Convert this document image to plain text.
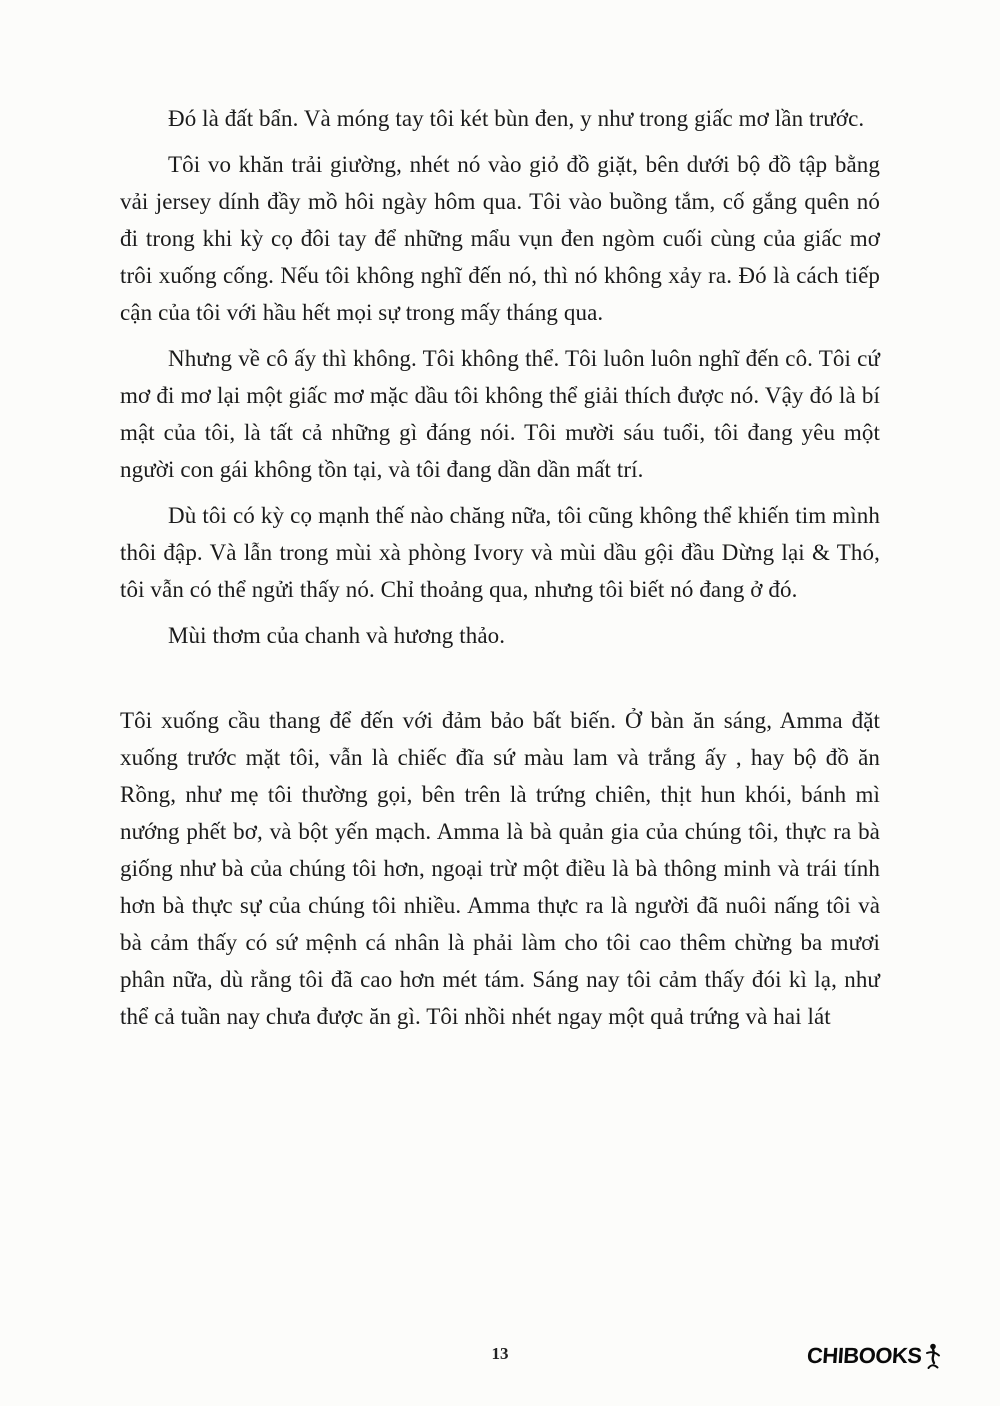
Đó là đất bẩn. Và móng tay tôi két bùn đen, y như trong giấc mơ lần trước.

Tôi vo khăn trải giường, nhét nó vào giỏ đồ giặt, bên dưới bộ đồ tập bằng vải jersey dính đầy mồ hôi ngày hôm qua. Tôi vào buồng tắm, cố gắng quên nó đi trong khi kỳ cọ đôi tay để những mẩu vụn đen ngòm cuối cùng của giấc mơ trôi xuống cống. Nếu tôi không nghĩ đến nó, thì nó không xảy ra. Đó là cách tiếp cận của tôi với hầu hết mọi sự trong mấy tháng qua.

Nhưng về cô ấy thì không. Tôi không thể. Tôi luôn luôn nghĩ đến cô. Tôi cứ mơ đi mơ lại một giấc mơ mặc dầu tôi không thể giải thích được nó. Vậy đó là bí mật của tôi, là tất cả những gì đáng nói. Tôi mười sáu tuổi, tôi đang yêu một người con gái không tồn tại, và tôi đang dần dần mất trí.

Dù tôi có kỳ cọ mạnh thế nào chăng nữa, tôi cũng không thể khiến tim mình thôi đập. Và lẫn trong mùi xà phòng Ivory và mùi dầu gội đầu Dừng lại & Thó, tôi vẫn có thể ngửi thấy nó. Chỉ thoảng qua, nhưng tôi biết nó đang ở đó.

Mùi thơm của chanh và hương thảo.

Tôi xuống cầu thang để đến với đảm bảo bất biến. Ở bàn ăn sáng, Amma đặt xuống trước mặt tôi, vẫn là chiếc đĩa sứ màu lam và trắng ấy , hay bộ đồ ăn Rồng, như mẹ tôi thường gọi, bên trên là trứng chiên, thịt hun khói, bánh mì nướng phết bơ, và bột yến mạch. Amma là bà quản gia của chúng tôi, thực ra bà giống như bà của chúng tôi hơn, ngoại trừ một điều là bà thông minh và trái tính hơn bà thực sự của chúng tôi nhiều. Amma thực ra là người đã nuôi nấng tôi và bà cảm thấy có sứ mệnh cá nhân là phải làm cho tôi cao thêm chừng ba mươi phân nữa, dù rằng tôi đã cao hơn mét tám. Sáng nay tôi cảm thấy đói kì lạ, như thể cả tuần nay chưa được ăn gì. Tôi nhồi nhét ngay một quả trứng và hai lát

13	CHIBOOKS
